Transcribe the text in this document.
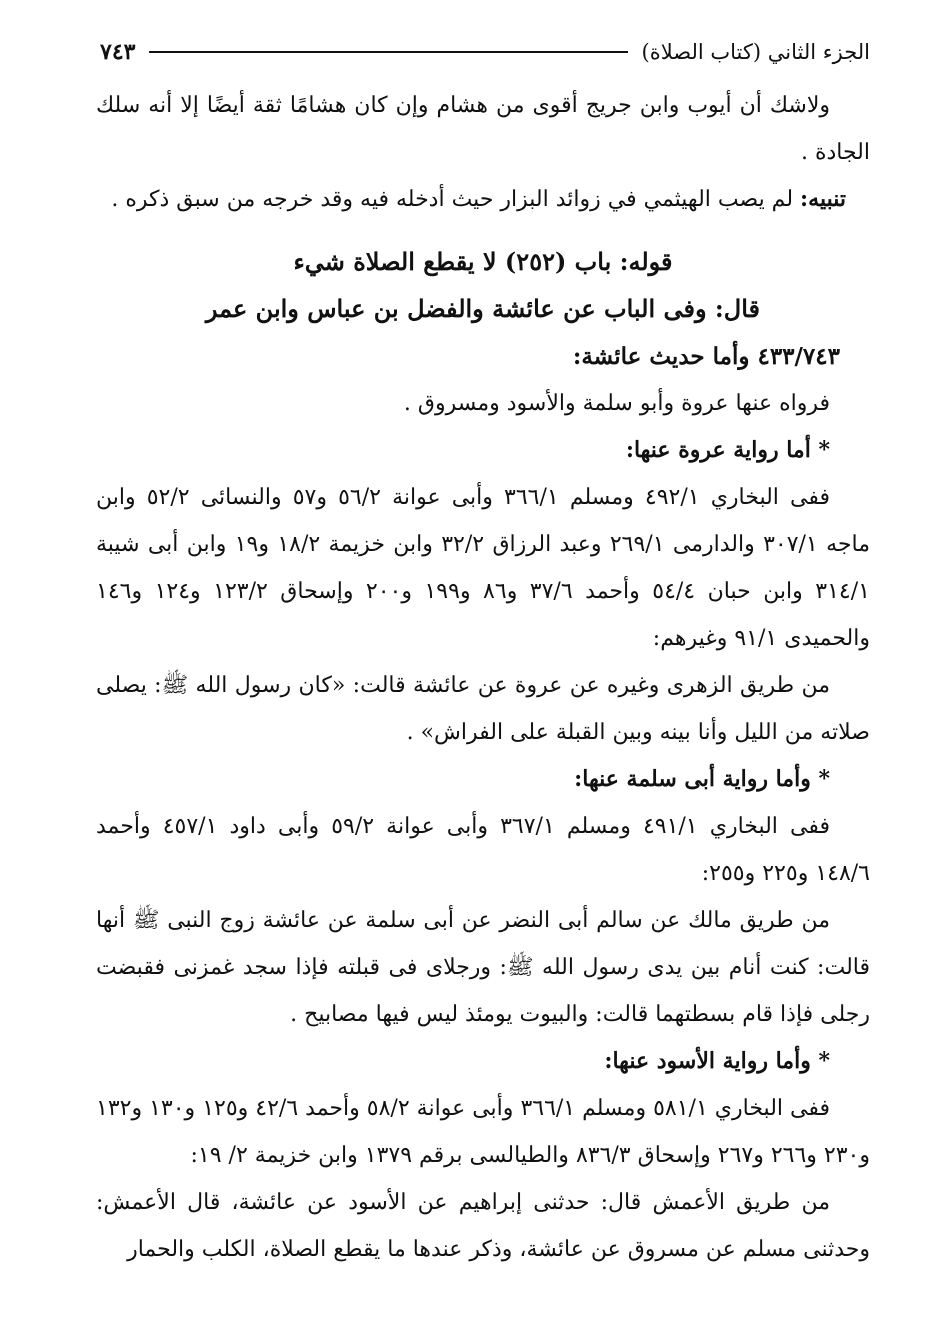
الجزء الثاني (كتاب الصلاة)
٧٤٣

ولاشك أن أيوب وابن جريج أقوى من هشام وإن كان هشامًا ثقة أيضًا إلا أنه سلك الجادة .

تنبيه: لم يصب الهيثمي في زوائد البزار حيث أدخله فيه وقد خرجه من سبق ذكره .

قوله: باب (٢٥٢) لا يقطع الصلاة شيء

قال: وفى الباب عن عائشة والفضل بن عباس وابن عمر

٤٣٣/٧٤٣ وأما حديث عائشة:

فرواه عنها عروة وأبو سلمة والأسود ومسروق .

* أما رواية عروة عنها:

ففى البخاري ٤٩٢/١ ومسلم ٣٦٦/١ وأبى عوانة ٥٦/٢ و٥٧ والنسائى ٥٢/٢ وابن ماجه ٣٠٧/١ والدارمى ٢٦٩/١ وعبد الرزاق ٣٢/٢ وابن خزيمة ١٨/٢ و١٩ وابن أبى شيبة ٣١٤/١ وابن حبان ٥٤/٤ وأحمد ٣٧/٦ و٨٦ و١٩٩ و٢٠٠ وإسحاق ١٢٣/٢ و١٢٤ و١٤٦ والحميدى ٩١/١ وغيرهم:

من طريق الزهرى وغيره عن عروة عن عائشة قالت: «كان رسول الله ﷺ: يصلى صلاته من الليل وأنا بينه وبين القبلة على الفراش» .

* وأما رواية أبى سلمة عنها:

ففى البخاري ٤٩١/١ ومسلم ٣٦٧/١ وأبى عوانة ٥٩/٢ وأبى داود ٤٥٧/١ وأحمد ١٤٨/٦ و٢٢٥ و٢٥٥:

من طريق مالك عن سالم أبى النضر عن أبى سلمة عن عائشة زوج النبى ﷺ أنها قالت: كنت أنام بين يدى رسول الله ﷺ: ورجلاى فى قبلته فإذا سجد غمزنى فقبضت رجلى فإذا قام بسطتهما قالت: والبيوت يومئذ ليس فيها مصابيح .

* وأما رواية الأسود عنها:

ففى البخاري ٥٨١/١ ومسلم ٣٦٦/١ وأبى عوانة ٥٨/٢ وأحمد ٤٢/٦ و١٢٥ و١٣٠ و١٣٢ و٢٣٠ و٢٦٦ و٢٦٧ وإسحاق ٨٣٦/٣ والطيالسى برقم ١٣٧٩ وابن خزيمة ٢/ ١٩:

من طريق الأعمش قال: حدثنى إبراهيم عن الأسود عن عائشة، قال الأعمش: وحدثنى مسلم عن مسروق عن عائشة، وذكر عندها ما يقطع الصلاة، الكلب والحمار
